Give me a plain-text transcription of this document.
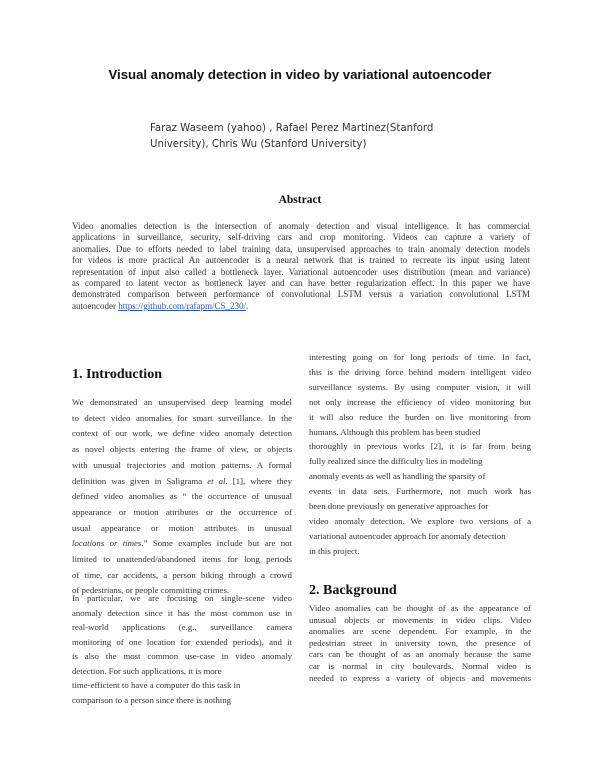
Visual anomaly detection in video by variational autoencoder
Faraz Waseem (yahoo) , Rafael Perez Martinez(Stanford
University), Chris Wu (Stanford University)
Abstract
Video anomalies detection is the intersection of anomaly detection and visual intelligence. It has commercial
applications in surveillance, security, self-driving cars and crop monitoring. Videos can capture a variety of
anomalies. Due to efforts needed to label training data, unsupervised approaches to train anomaly detection models
for videos is more practical An autoencoder is a neural network that is trained to recreate its input using latent
representation of input also called a bottleneck layer. Variational autoencoder uses distribution (mean and variance)
as compared to latent vector as bottleneck layer and can have better regularization effect. In this paper we have
demonstrated comparison between performance of convolutional LSTM versus a variation convolutional LSTM
autoencoder https://github.com/rafapm/CS_230/.
1. Introduction
We demonstrated an unsupervised deep learning model
to detect video anomalies for smart surveillance. In the
context of our work, we define video anomaly detection
as novel objects entering the frame of view, or objects
with unusual trajectories and motion patterns. A formal
definition was given in Saligrama et al. [1], where they
defined video anomalies as “ the occurrence of unusual
appearance or motion attributes or the occurrence of
usual appearance or motion attributes in unusual
locations or times.” Some examples include but are not
limited to unattended/abandoned items for long periods
of time, car accidents, a person biking through a crowd
of pedestrians, or people committing crimes.
In particular, we are focusing on single-scene video
anomaly detection since it has the most common use in
real-world applications (e.g., surveillance camera
monitoring of one location for extended periods), and it
is also the most common use-case in video anomaly
detection. For such applications, it is more
time-efficient to have a computer do this task in
comparison to a person since there is nothing
interesting going on for long periods of time. In fact,
this is the driving force behind modern intelligent video
surveillance systems. By using computer vision, it will
not only increase the efficiency of video monitoring but
it will also reduce the burden on live monitoring from
humans. Although this problem has been studied
thoroughly in previous works [2], it is far from being
fully realized since the difficulty lies in modeling
anomaly events as well as handling the sparsity of
events in data sets. Furthermore, not much work has
been done previously on generative approaches for
video anomaly detection. We explore two versions of a
variational autoencoder approach for anomaly detection
in this project.
2. Background
Video anomalies can be thought of as the appearance of
unusual objects or movements in video clips. Video
anomalies are scene dependent. For example, in the
pedestrian street in university town, the presence of
cars can be thought of as an anomaly because the same
car is normal in city boulevards. Normal video is
needed to express a variety of objects and movements
